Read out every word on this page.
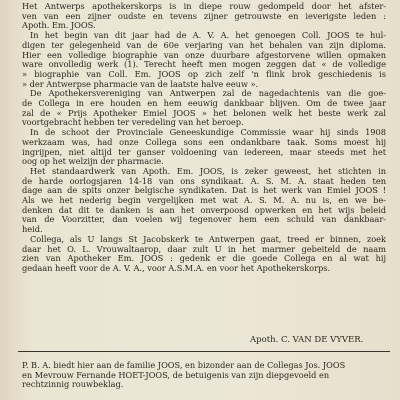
Het Antwerps apothekerskorps is in diepe rouw gedompeld door het afster-
ven van een zijner oudste en tevens zijner getrouwste en ieverigste leden :
Apoth. Em. JOOS.

In het begin van dit jaar had de A. V. A. het genoegen Coll. JOOS te hul-
digen ter gelegenheid van de 60e verjaring van het behalen van zijn diploma.
Hier een volledige biographie van onze duurbare afgestorvene willen opmaken
ware onvolledig werk (1). Terecht heeft men mogen zeggen dat « de volledige
» biographie van Coll. Em. JOOS op zich zelf 'n flink brok geschiedenis is
» der Antwerpse pharmacie van de laatste halve eeuw ».

De Apothekersvereniging van Antwerpen zal de nagedachtenis van die goe-
de Collega in ere houden en hem eeuwig dankbaar blijven. Om de twee jaar
zal de « Prijs Apotheker Emiel JOOS » het belonen welk het beste werk zal
voortgebracht hebben ter veredeling van het beroep.

In de schoot der Provinciale Geneeskundige Commissie waar hij sinds 1908
werkzaam was, had onze Collega sons een ondankbare taak. Soms moest hij
ingrijpen, niet altijd ter ganser voldoening van iedereen, maar steeds met het
oog op het welzijn der pharmacie.

Het standaardwerk van Apoth. Em. JOOS, is zeker geweest, het stichten in
de harde oorlogsjaren 14-18 van ons syndikaat. A. S. M. A. staat heden ten
dage aan de spits onzer belgische syndikaten. Dat is het werk van Emiel JOOS !
Als we het nederig begin vergelijken met wat A. S. M. A. nu is, en we be-
denken dat dit te danken is aan het onverpoosd opwerken en het wijs beleid
van de Voorzitter, dan voelen wij tegenover hem een schuld van dankbaar-
heid.

Collega, als U langs St Jacobskerk te Antwerpen gaat, treed er binnen, zoek
daar het O. L. Vrouwaltaarop, daar zult U in het marmer gebeiteld de naam
zien van Apotheker Em. JOOS : gedenk er die goede Collega en al wat hij
gedaan heeft voor de A. V. A., voor A.S.M.A. en voor het Apothekerskorps.

Apoth. C. VAN DE VYVER.

P. B. A. biedt hier aan de familie JOOS, en bizonder aan de Collegas Jos. JOOS
en Mevrouw Fernande HOET-JOOS, de betuigenis van zijn diepgevoeld en
rechtzinnig rouwbeklag.
